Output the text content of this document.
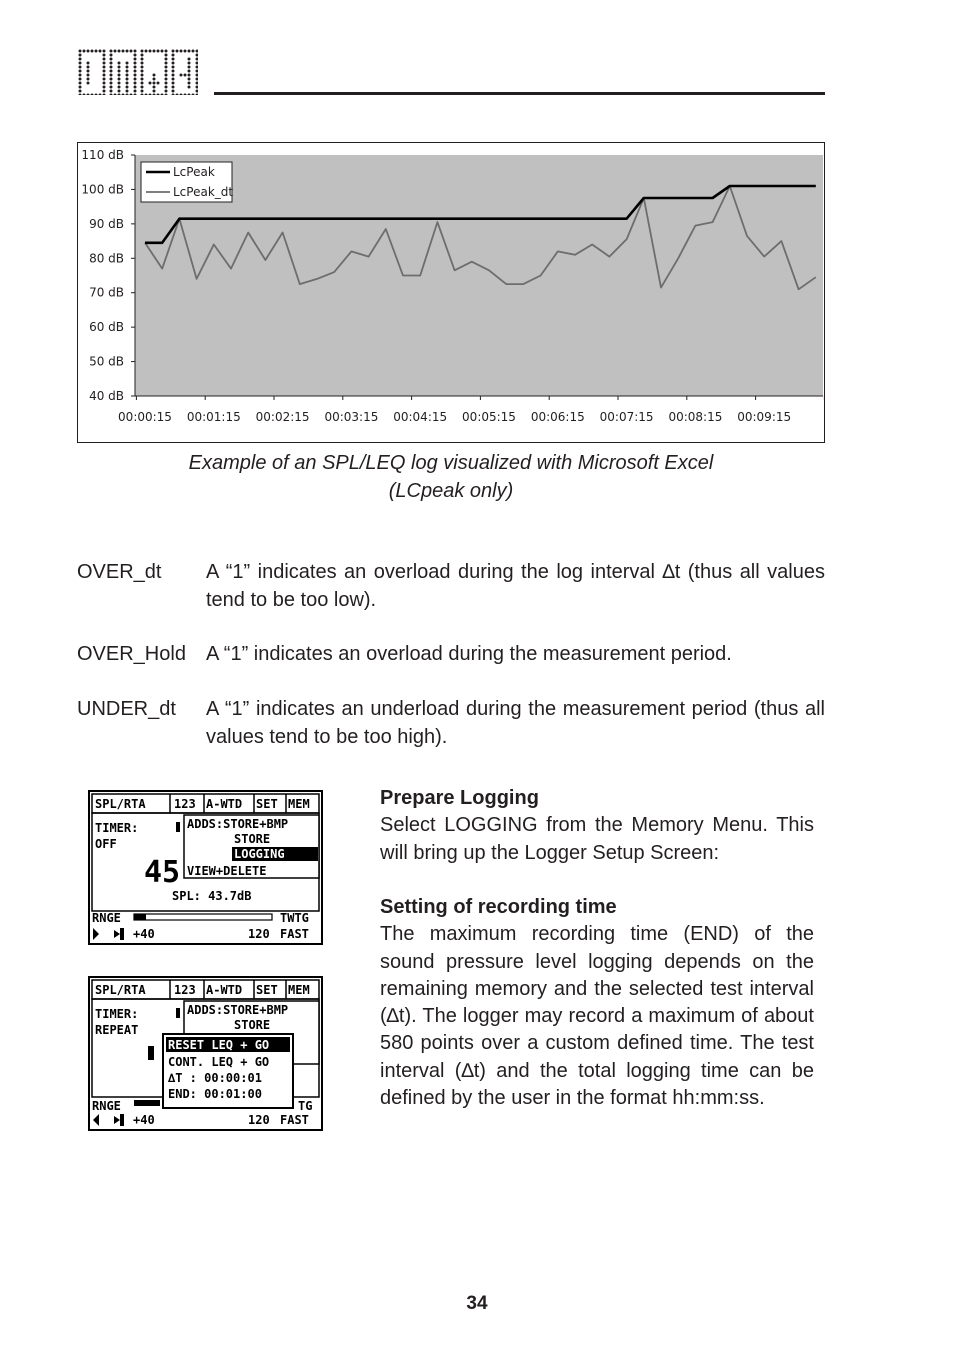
110 dB
100 dB
90 dB
80 dB
70 dB
60 dB
50 dB
40 dB
00:00:15 00:01:15 00:02:15 00:03:15 00:04:15 00:05:15 00:06:15 00:07:15 00:08:15 00:09:15
LcPeak
LcPeak_dt
Example of an SPL/LEQ log visualized with Microsoft Excel
(LCpeak only)
OVER_dt A “1” indicates an overload during the log interval ∆t (thus all values tend to be too low).
OVER_Hold A “1” indicates an overload during the measurement period.
UNDER_dt A “1” indicates an underload during the measurement period (thus all values tend to be too high).
SPL/RTA 123 A-WTD SET MEM
TIMER:
OFF
45
ADDS:STORE+BMP
STORE
LOGGING
VIEW+DELETE
SPL: 43.7dB
RNGE	TWTG
+40	120 FAST
SPL/RTA 123 A-WTD SET MEM
TIMER:
REPEAT
ADDS:STORE+BMP
STORE
RESET LEQ + GO
CONT. LEQ + GO
∆T : 00:00:01
END: 00:01:00
RNGE	TG
+40	120 FAST
Prepare Logging

Select LOGGING from the Memory Menu. This will bring up the Logger Setup Screen:

Setting of recording time

The maximum recording time (END) of the sound pressure level logging depends on the remaining memory and the selected test interval (∆t). The logger may record a maximum of about 580 points over a custom defined time. The test interval (∆t) and the total logging time can be defined by the user in the format hh:mm:ss.

34
